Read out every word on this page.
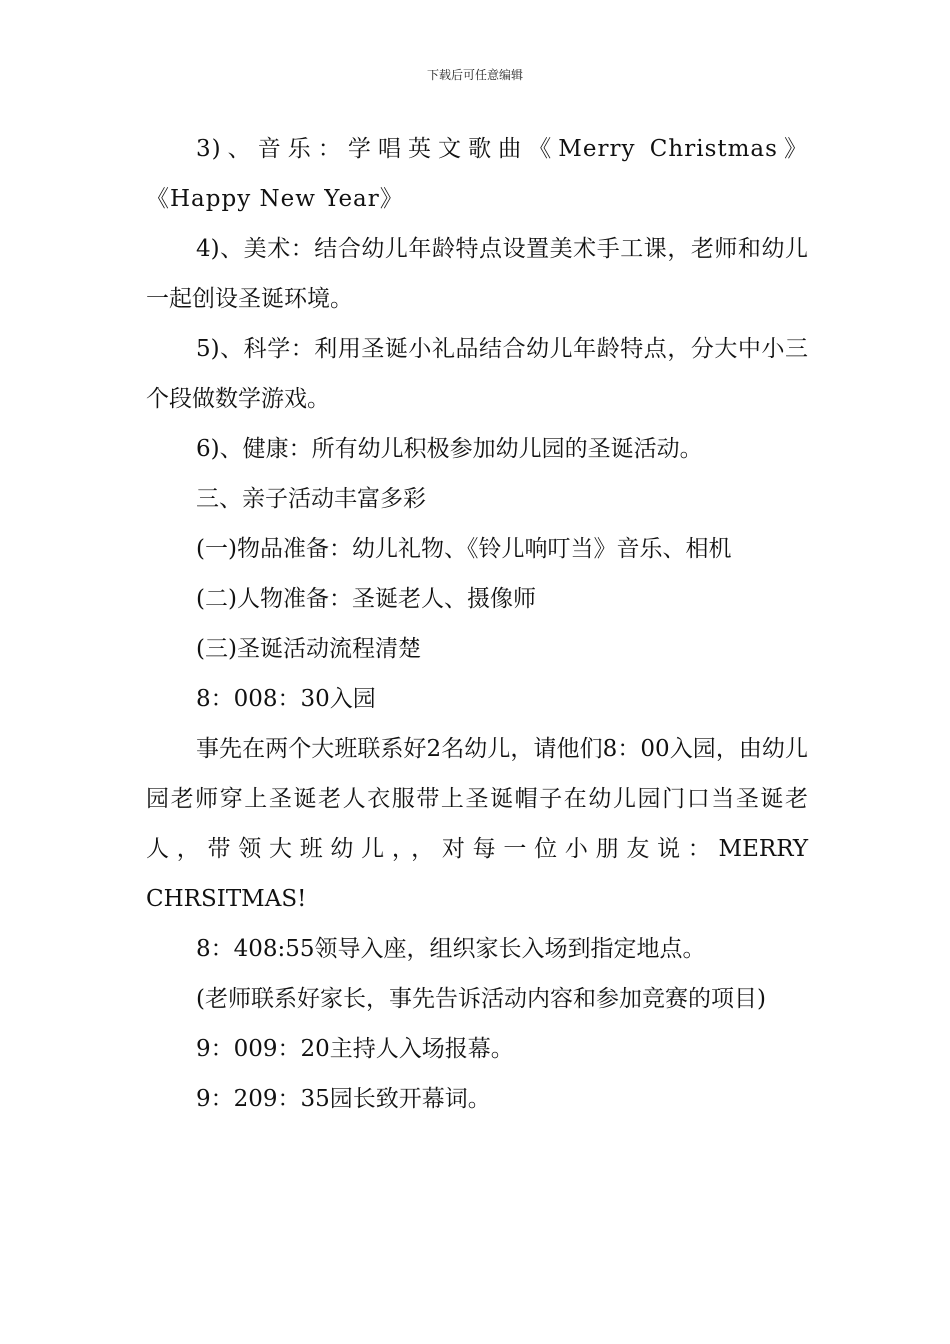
下载后可任意编辑

3)、音乐：学唱英文歌曲《Merry Christmas》《Happy New Year》

4)、美术：结合幼儿年龄特点设置美术手工课，老师和幼儿一起创设圣诞环境。

5)、科学：利用圣诞小礼品结合幼儿年龄特点，分大中小三个段做数学游戏。

6)、健康：所有幼儿积极参加幼儿园的圣诞活动。

三、亲子活动丰富多彩

(一)物品准备：幼儿礼物、《铃儿响叮当》音乐、相机

(二)人物准备：圣诞老人、摄像师

(三)圣诞活动流程清楚

8：008：30入园

事先在两个大班联系好2名幼儿，请他们8：00入园，由幼儿园老师穿上圣诞老人衣服带上圣诞帽子在幼儿园门口当圣诞老人，带领大班幼儿，，对每一位小朋友说：MERRY CHRSITMAS!

8：408:55领导入座，组织家长入场到指定地点。

(老师联系好家长，事先告诉活动内容和参加竞赛的项目)

9：009：20主持人入场报幕。

9：209：35园长致开幕词。
